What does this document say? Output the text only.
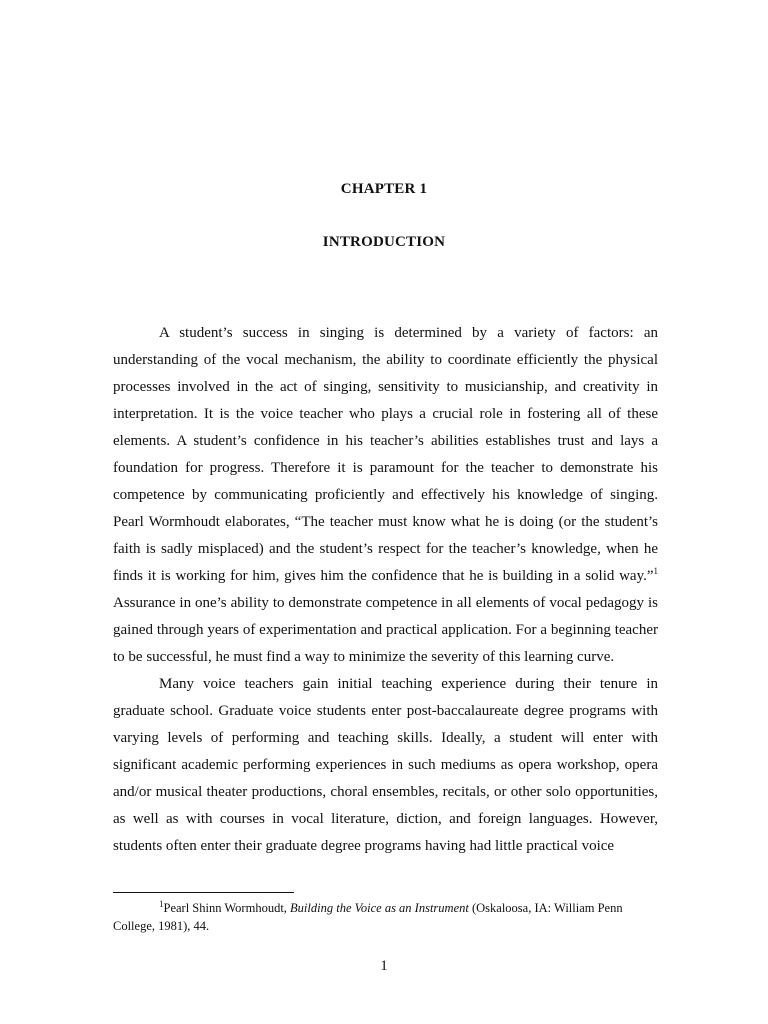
CHAPTER 1
INTRODUCTION

A student’s success in singing is determined by a variety of factors: an understanding of the vocal mechanism, the ability to coordinate efficiently the physical processes involved in the act of singing, sensitivity to musicianship, and creativity in interpretation. It is the voice teacher who plays a crucial role in fostering all of these elements. A student’s confidence in his teacher’s abilities establishes trust and lays a foundation for progress. Therefore it is paramount for the teacher to demonstrate his competence by communicating proficiently and effectively his knowledge of singing. Pearl Wormhoudt elaborates, “The teacher must know what he is doing (or the student’s faith is sadly misplaced) and the student’s respect for the teacher’s knowledge, when he finds it is working for him, gives him the confidence that he is building in a solid way.”$^1$ Assurance in one’s ability to demonstrate competence in all elements of vocal pedagogy is gained through years of experimentation and practical application. For a beginning teacher to be successful, he must find a way to minimize the severity of this learning curve.

Many voice teachers gain initial teaching experience during their tenure in graduate school. Graduate voice students enter post-baccalaureate degree programs with varying levels of performing and teaching skills. Ideally, a student will enter with significant academic performing experiences in such mediums as opera workshop, opera and/or musical theater productions, choral ensembles, recitals, or other solo opportunities, as well as with courses in vocal literature, diction, and foreign languages. However, students often enter their graduate degree programs having had little practical voice

$^1$Pearl Shinn Wormhoudt, Building the Voice as an Instrument (Oskaloosa, IA: William Penn College, 1981), 44.
1
